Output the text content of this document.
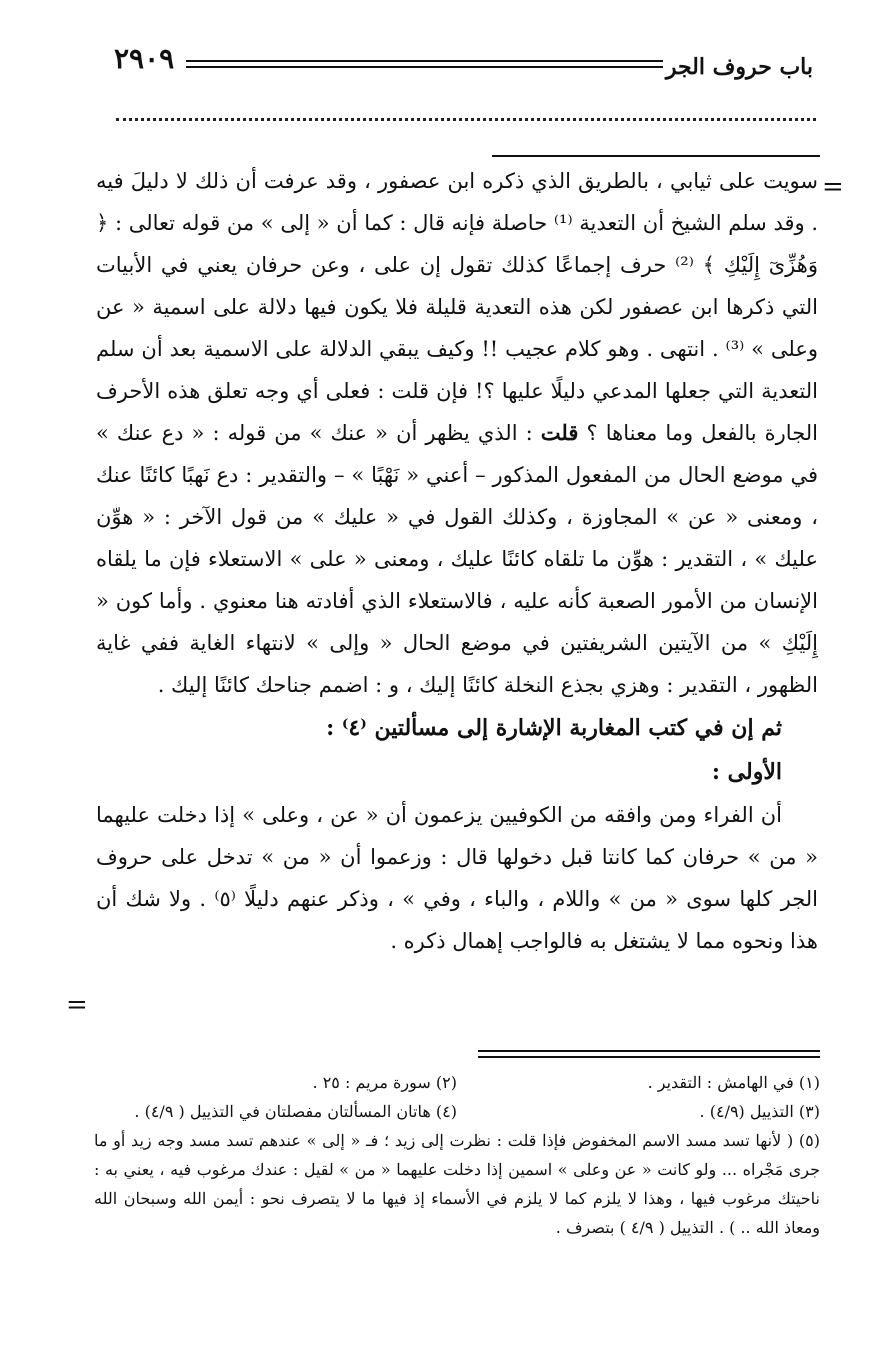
٢٩٠٩	باب حروف الجر
=
=

سويت على ثيابي ، بالطريق الذي ذكره ابن عصفور ، وقد عرفت أن ذلك لا دليلَ فيه . وقد سلم الشيخ أن التعدية ⁽¹⁾ حاصلة فإنه قال : كما أن « إلى » من قوله تعالى : ﴿ وَهُزِّىٓ إِلَيْكِ ﴾ ⁽²⁾ حرف إجماعًا كذلك تقول إن على ، وعن حرفان يعني في الأبيات التي ذكرها ابن عصفور لكن هذه التعدية قليلة فلا يكون فيها دلالة على اسمية « عن وعلى » ⁽³⁾ . انتهى . وهو كلام عجيب !! وكيف يبقي الدلالة على الاسمية بعد أن سلم التعدية التي جعلها المدعي دليلًا عليها ؟! فإن قلت : فعلى أي وجه تعلق هذه الأحرف الجارة بالفعل وما معناها ؟ قلت : الذي يظهر أن « عنك » من قوله : « دع عنك » في موضع الحال من المفعول المذكور – أعني « نَهْبًا » – والتقدير : دع نَهبًا كائنًا عنك ، ومعنى « عن » المجاوزة ، وكذلك القول في « عليك » من قول الآخر : « هوِّن عليك » ، التقدير : هوِّن ما تلقاه كائنًا عليك ، ومعنى « على » الاستعلاء فإن ما يلقاه الإنسان من الأمور الصعبة كأنه عليه ، فالاستعلاء الذي أفادته هنا معنوي . وأما كون « إِلَيْكِ » من الآيتين الشريفتين في موضع الحال « وإلى » لانتهاء الغاية ففي غاية الظهور ، التقدير : وهزي بجذع النخلة كائنًا إليك ، و : اضمم جناحك كائنًا إليك .

ثم إن في كتب المغاربة الإشارة إلى مسألتين ⁽٤⁾ :

الأولى :

أن الفراء ومن وافقه من الكوفيين يزعمون أن « عن ، وعلى » إذا دخلت عليهما « من » حرفان كما كانتا قبل دخولها قال : وزعموا أن « من » تدخل على حروف الجر كلها سوى « من » واللام ، والباء ، وفي » ، وذكر عنهم دليلًا ⁽٥⁾ . ولا شك أن هذا ونحوه مما لا يشتغل به فالواجب إهمال ذكره .

(١) في الهامش : التقدير .
(٢) سورة مريم : ٢٥ .
(٣) التذييل (٤/٩) .
(٤) هاتان المسألتان مفصلتان في التذييل ( ٤/٩) .

(٥) ( لأنها تسد مسد الاسم المخفوض فإذا قلت : نظرت إلى زيد ؛ فـ « إلى » عندهم تسد مسد وجه زيد أو ما جرى مَجْراه ... ولو كانت « عن وعلى » اسمين إذا دخلت عليهما « من » لقيل : عندك مرغوب فيه ، يعني به : ناحيتك مرغوب فيها ، وهذا لا يلزم كما لا يلزم في الأسماء إذ فيها ما لا يتصرف نحو : أيمن الله وسبحان الله ومعاذ الله .. ) . التذييل ( ٤/٩ ) بتصرف .
